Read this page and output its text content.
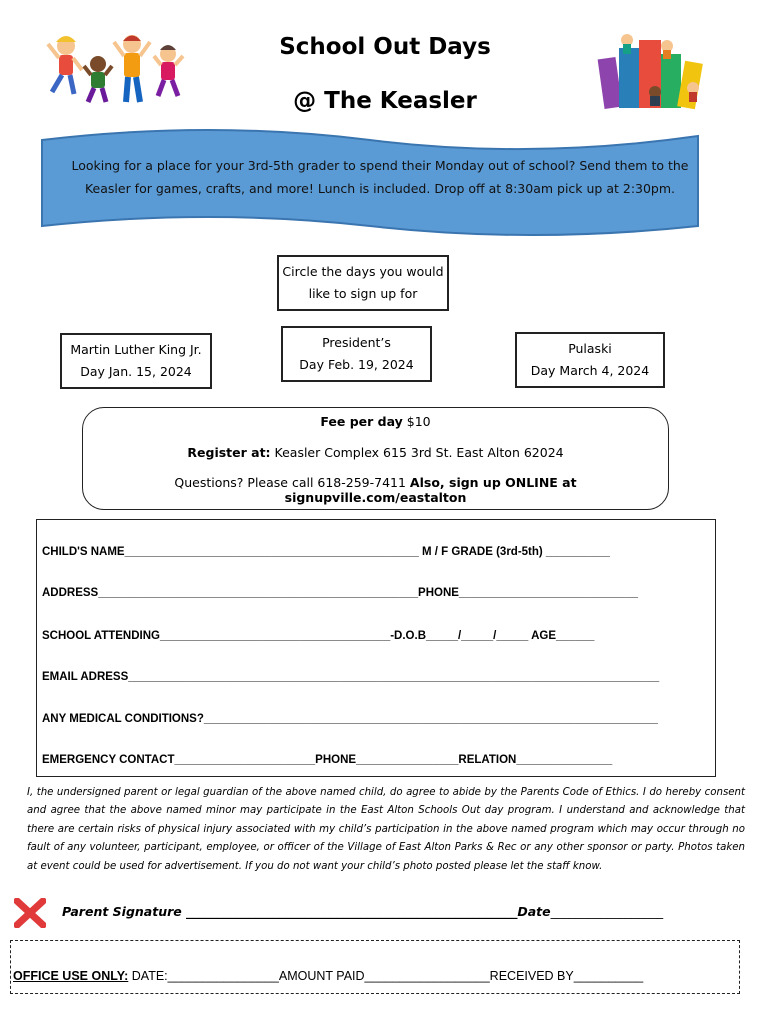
School Out Days
@ The Keasler
Looking for a place for your 3rd-5th grader to spend their Monday out of school? Send them to the Keasler for games, crafts, and more! Lunch is included. Drop off at 8:30am pick up at 2:30pm.
Circle the days you would
like to sign up for
Martin Luther King Jr.
Day Jan. 15, 2024
President’s
Day Feb. 19, 2024
Pulaski
Day March 4, 2024
Fee per day $10
Register at: Keasler Complex 615 3rd St. East Alton 62024
Questions? Please call 618-259-7411 Also, sign up ONLINE at signupville.com/eastalton
CHILD'S NAME______________________________________________ M / F GRADE (3rd-5th) __________
ADDRESS__________________________________________________PHONE____________________________
SCHOOL ATTENDING____________________________________-D.O.B_____/_____/_____ AGE______
EMAIL ADRESS___________________________________________________________________________________
ANY MEDICAL CONDITIONS?_______________________________________________________________________
EMERGENCY CONTACT______________________PHONE________________RELATION_______________
I, the undersigned parent or legal guardian of the above named child, do agree to abide by the Parents Code of Ethics. I do hereby consent and agree that the above named minor may participate in the East Alton Schools Out day program. I understand and acknowledge that there are certain risks of physical injury associated with my child’s participation in the above named program which may occur through no fault of any volunteer, participant, employee, or officer of the Village of East Alton Parks & Rec or any other sponsor or party. Photos taken at event could be used for advertisement. If you do not want your child’s photo posted please let the staff know.
Parent Signature _____________________________________________________Date__________________
OFFICE USE ONLY: DATE:________________AMOUNT PAID__________________RECEIVED BY__________
